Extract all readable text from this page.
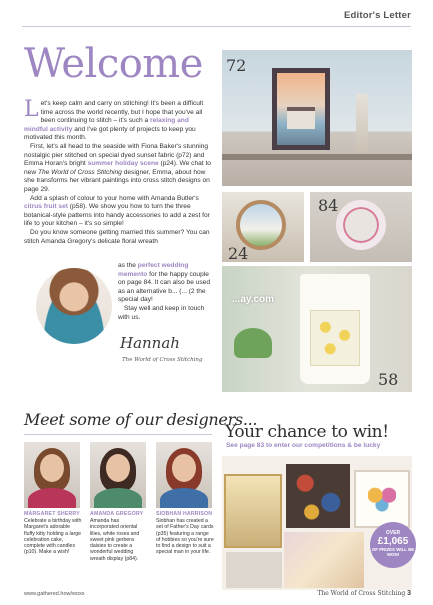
Editor's Letter
Welcome

Let's keep calm and carry on stitching! It's been a difficult time across the world recently, but I hope that you've all been continuing to stitch – it's such a relaxing and mindful activity and I've got plenty of projects to keep you motivated this month.

First, let's all head to the seaside with Fiona Baker's stunning nostalgic pier stitched on special dyed sunset fabric (p72) and Emma Horan's bright summer holiday scene (p24). We chat to new The World of Cross Stitching designer, Emma, about how she transforms her vibrant paintings into cross stitch designs on page 29.

Add a splash of colour to your home with Amanda Butler's citrus fruit set (p58). We show you how to turn the three botanical-style patterns into handy accessories to add a zest for life to your kitchen – it's so simple!

Do you know someone getting married this summer? You can stitch Amanda Gregory's delicate floral wreath

as the perfect wedding memento for the happy couple on page 84. It can also be used as an alternative b... (... (2 the special day!

Stay well and keep in touch with us.

Hannah
The World of Cross Stitching
72
24
84
58
...ay.com
Meet some of our designers...
MARGARET SHERRY
Celebrate a birthday with Margaret's adorable fluffy kitty holding a large celebration cake, complete with candles (p10). Make a wish!
AMANDA GREGORY
Amanda has incorporated oriental lilies, white roses and sweet pink gerbera daisies to create a wonderful wedding wreath display (p84).
SIOBHAN HARRISON
Siobhan has created a set of Father's Day cards (p35) featuring a range of hobbies so you're sure to find a design to suit a special man in your life.
Your chance to win!
See page 83 to enter our competitions & be lucky
OVER
£1,065
OF PRIZES WILL BE WON!
www.gathered.how/woxs	The World of Cross Stitching 3
